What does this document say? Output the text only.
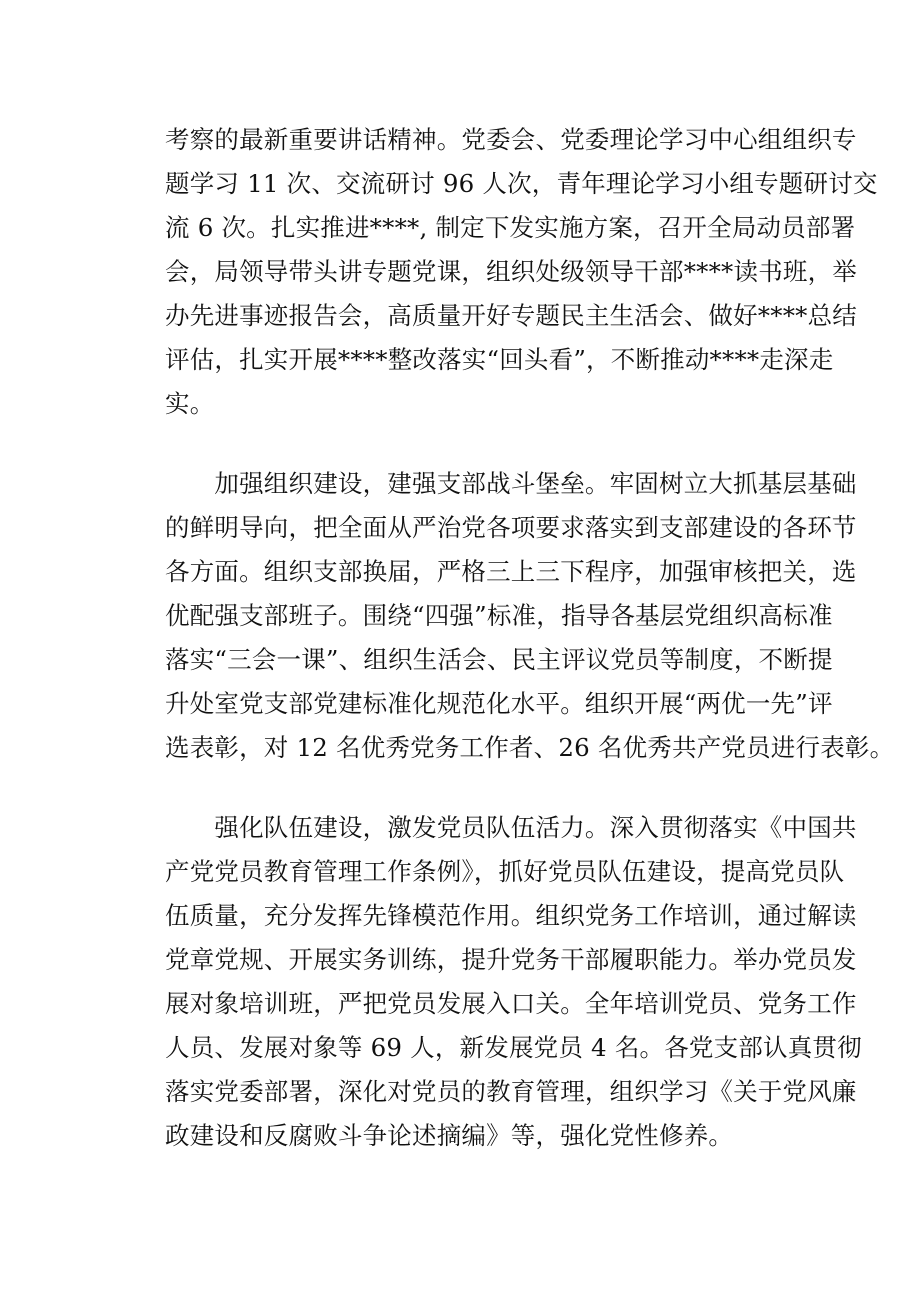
考察的最新重要讲话精神。党委会、党委理论学习中心组组织专
题学习 11 次、交流研讨 96 人次，青年理论学习小组专题研讨交
流 6 次。扎实推进****, 制定下发实施方案，召开全局动员部署
会，局领导带头讲专题党课，组织处级领导干部****读书班，举
办先进事迹报告会，高质量开好专题民主生活会、做好****总结
评估，扎实开展****整改落实“回头看”，不断推动****走深走
实。
　　加强组织建设，建强支部战斗堡垒。牢固树立大抓基层基础
的鲜明导向，把全面从严治党各项要求落实到支部建设的各环节
各方面。组织支部换届，严格三上三下程序，加强审核把关，选
优配强支部班子。围绕“四强”标准，指导各基层党组织高标准
落实“三会一课”、组织生活会、民主评议党员等制度，不断提
升处室党支部党建标准化规范化水平。组织开展“两优一先”评
选表彰，对 12 名优秀党务工作者、26 名优秀共产党员进行表彰。
　　强化队伍建设，激发党员队伍活力。深入贯彻落实《中国共
产党党员教育管理工作条例》，抓好党员队伍建设，提高党员队
伍质量，充分发挥先锋模范作用。组织党务工作培训，通过解读
党章党规、开展实务训练，提升党务干部履职能力。举办党员发
展对象培训班，严把党员发展入口关。全年培训党员、党务工作
人员、发展对象等 69 人，新发展党员 4 名。各党支部认真贯彻
落实党委部署，深化对党员的教育管理，组织学习《关于党风廉
政建设和反腐败斗争论述摘编》等，强化党性修养。
